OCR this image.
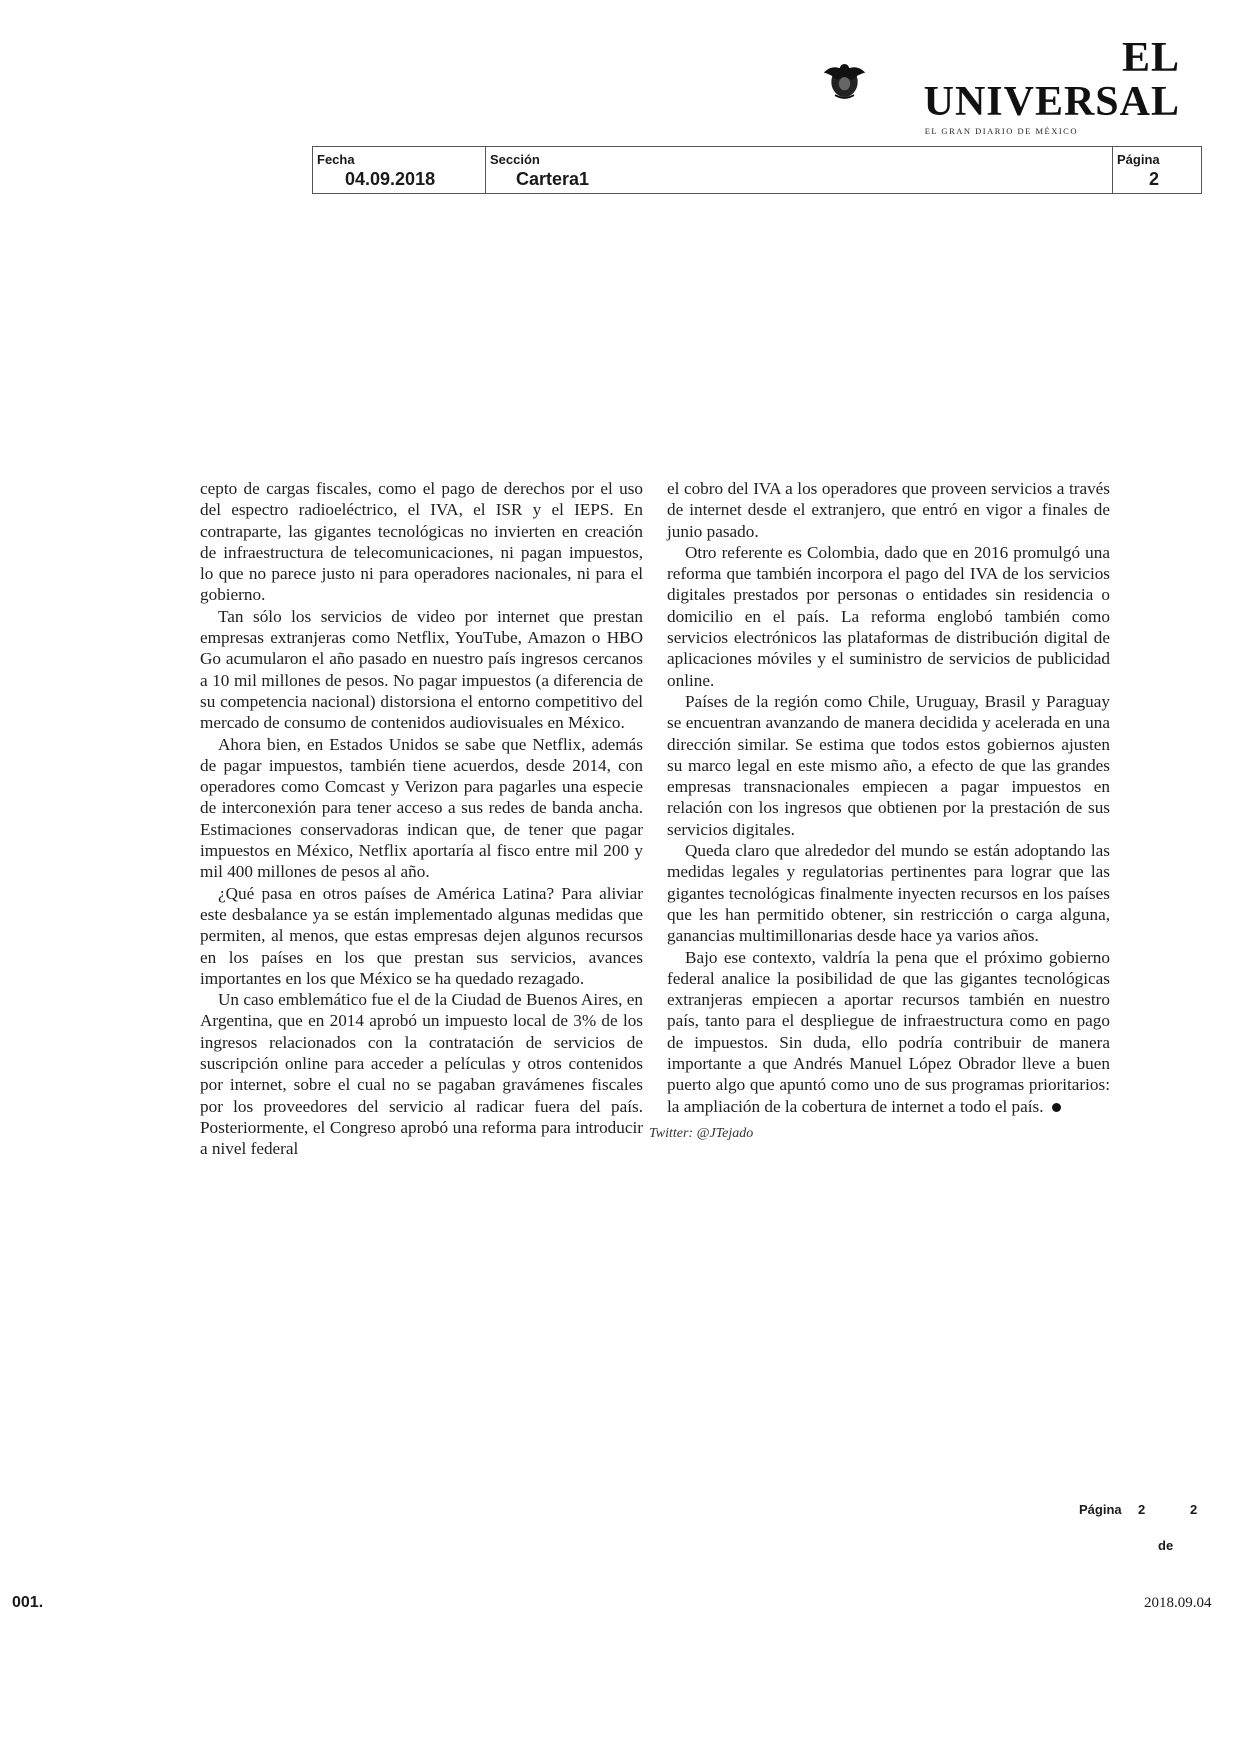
EL UNIVERSAL
EL GRAN DIARIO DE MÉXICO
Fecha
04.09.2018
Sección
Cartera1
Página
2

cepto de cargas fiscales, como el pago de derechos por el uso del espectro radioeléctrico, el IVA, el ISR y el IEPS. En contraparte, las gigantes tecnológicas no invierten en creación de infraestructura de telecomunicaciones, ni pagan impuestos, lo que no parece justo ni para operadores nacionales, ni para el gobierno.

Tan sólo los servicios de video por internet que prestan empresas extranjeras como Netflix, YouTube, Amazon o HBO Go acumularon el año pasado en nuestro país ingresos cercanos a 10 mil millones de pesos. No pagar impuestos (a diferencia de su competencia nacional) distorsiona el entorno competitivo del mercado de consumo de contenidos audiovisuales en México.

Ahora bien, en Estados Unidos se sabe que Netflix, además de pagar impuestos, también tiene acuerdos, desde 2014, con operadores como Comcast y Verizon para pagarles una especie de interconexión para tener acceso a sus redes de banda ancha. Estimaciones conservadoras indican que, de tener que pagar impuestos en México, Netflix aportaría al fisco entre mil 200 y mil 400 millones de pesos al año.

¿Qué pasa en otros países de América Latina? Para aliviar este desbalance ya se están implementado algunas medidas que permiten, al menos, que estas empresas dejen algunos recursos en los países en los que prestan sus servicios, avances importantes en los que México se ha quedado rezagado.

Un caso emblemático fue el de la Ciudad de Buenos Aires, en Argentina, que en 2014 aprobó un impuesto local de 3% de los ingresos relacionados con la contratación de servicios de suscripción online para acceder a películas y otros contenidos por internet, sobre el cual no se pagaban gravámenes fiscales por los proveedores del servicio al radicar fuera del país. Posteriormente, el Congreso aprobó una reforma para introducir a nivel federal

el cobro del IVA a los operadores que proveen servicios a través de internet desde el extranjero, que entró en vigor a finales de junio pasado.

Otro referente es Colombia, dado que en 2016 promulgó una reforma que también incorpora el pago del IVA de los servicios digitales prestados por personas o entidades sin residencia o domicilio en el país. La reforma englobó también como servicios electrónicos las plataformas de distribución digital de aplicaciones móviles y el suministro de servicios de publicidad online.

Países de la región como Chile, Uruguay, Brasil y Paraguay se encuentran avanzando de manera decidida y acelerada en una dirección similar. Se estima que todos estos gobiernos ajusten su marco legal en este mismo año, a efecto de que las grandes empresas transnacionales empiecen a pagar impuestos en relación con los ingresos que obtienen por la prestación de sus servicios digitales.

Queda claro que alrededor del mundo se están adoptando las medidas legales y regulatorias pertinentes para lograr que las gigantes tecnológicas finalmente inyecten recursos en los países que les han permitido obtener, sin restricción o carga alguna, ganancias multimillonarias desde hace ya varios años.

Bajo ese contexto, valdría la pena que el próximo gobierno federal analice la posibilidad de que las gigantes tecnológicas extranjeras empiecen a aportar recursos también en nuestro país, tanto para el despliegue de infraestructura como en pago de impuestos. Sin duda, ello podría contribuir de manera importante a que Andrés Manuel López Obrador lleve a buen puerto algo que apuntó como uno de sus programas prioritarios: la ampliación de la cobertura de internet a todo el país.

Twitter: @JTejado
Página 2	2
de
001.	2018.09.04
